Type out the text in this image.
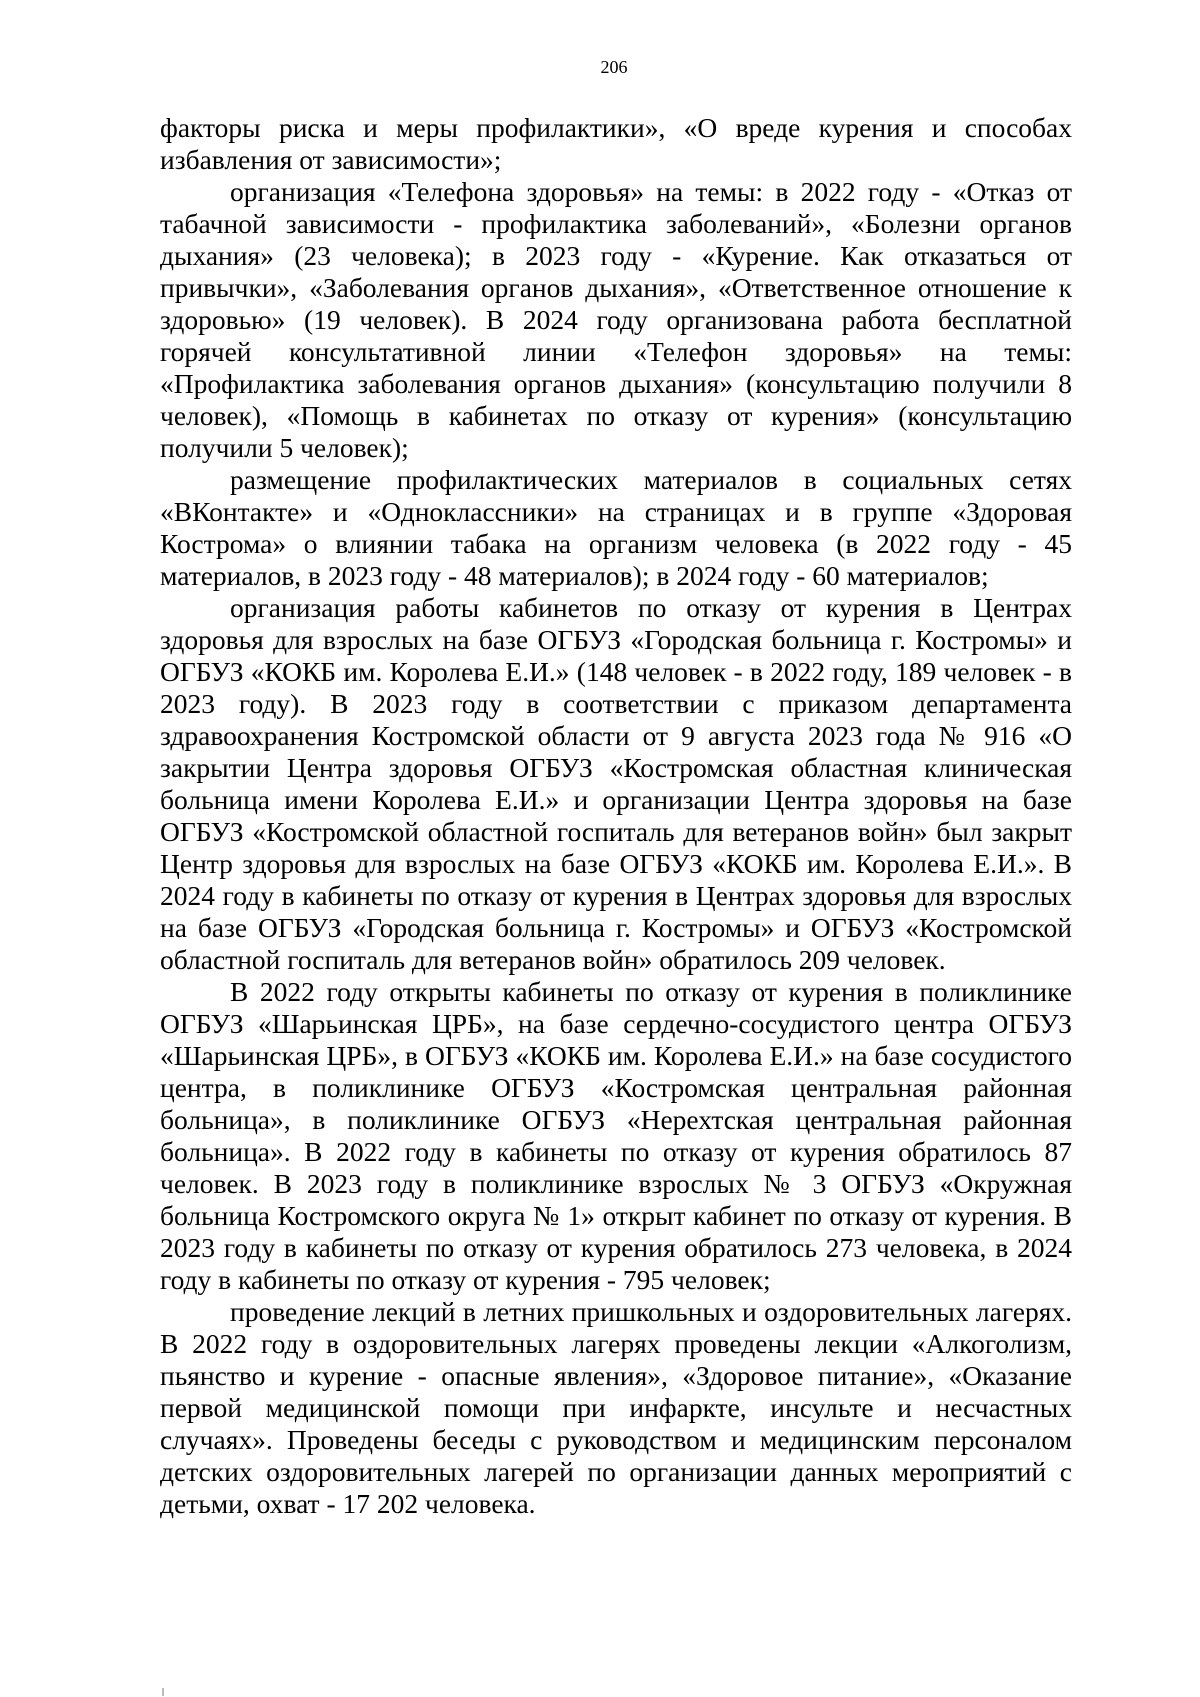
206

факторы риска и меры профилактики», «О вреде курения и способах избавления от зависимости»;

организация «Телефона здоровья» на темы: в 2022 году - «Отказ от табачной зависимости - профилактика заболеваний», «Болезни органов дыхания» (23 человека); в 2023 году - «Курение. Как отказаться от привычки», «Заболевания органов дыхания», «Ответственное отношение к здоровью» (19 человек). В 2024 году организована работа бесплатной горячей консультативной линии «Телефон здоровья» на темы: «Профилактика заболевания органов дыхания» (консультацию получили 8 человек), «Помощь в кабинетах по отказу от курения» (консультацию получили 5 человек);

размещение профилактических материалов в социальных сетях «ВКонтакте» и «Одноклассники» на страницах и в группе «Здоровая Кострома» о влиянии табака на организм человека (в 2022 году - 45 материалов, в 2023 году - 48 материалов); в 2024 году - 60 материалов;

организация работы кабинетов по отказу от курения в Центрах здоровья для взрослых на базе ОГБУЗ «Городская больница г. Костромы» и ОГБУЗ «КОКБ им. Королева Е.И.» (148 человек - в 2022 году, 189 человек - в 2023 году). В 2023 году в соответствии с приказом департамента здравоохранения Костромской области от 9 августа 2023 года № 916 «О закрытии Центра здоровья ОГБУЗ «Костромская областная клиническая больница имени Королева Е.И.» и организации Центра здоровья на базе ОГБУЗ «Костромской областной госпиталь для ветеранов войн» был закрыт Центр здоровья для взрослых на базе ОГБУЗ «КОКБ им. Королева Е.И.». В 2024 году в кабинеты по отказу от курения в Центрах здоровья для взрослых на базе ОГБУЗ «Городская больница г. Костромы» и ОГБУЗ «Костромской областной госпиталь для ветеранов войн» обратилось 209 человек.

В 2022 году открыты кабинеты по отказу от курения в поликлинике ОГБУЗ «Шарьинская ЦРБ», на базе сердечно-сосудистого центра ОГБУЗ «Шарьинская ЦРБ», в ОГБУЗ «КОКБ им. Королева Е.И.» на базе сосудистого центра, в поликлинике ОГБУЗ «Костромская центральная районная больница», в поликлинике ОГБУЗ «Нерехтская центральная районная больница». В 2022 году в кабинеты по отказу от курения обратилось 87 человек. В 2023 году в поликлинике взрослых № 3 ОГБУЗ «Окружная больница Костромского округа № 1» открыт кабинет по отказу от курения. В 2023 году в кабинеты по отказу от курения обратилось 273 человека, в 2024 году в кабинеты по отказу от курения - 795 человек;

проведение лекций в летних пришкольных и оздоровительных лагерях. В 2022 году в оздоровительных лагерях проведены лекции «Алкоголизм, пьянство и курение - опасные явления», «Здоровое питание», «Оказание первой медицинской помощи при инфаркте, инсульте и несчастных случаях». Проведены беседы с руководством и медицинским персоналом детских оздоровительных лагерей по организации данных мероприятий с детьми, охват - 17 202 человека.
